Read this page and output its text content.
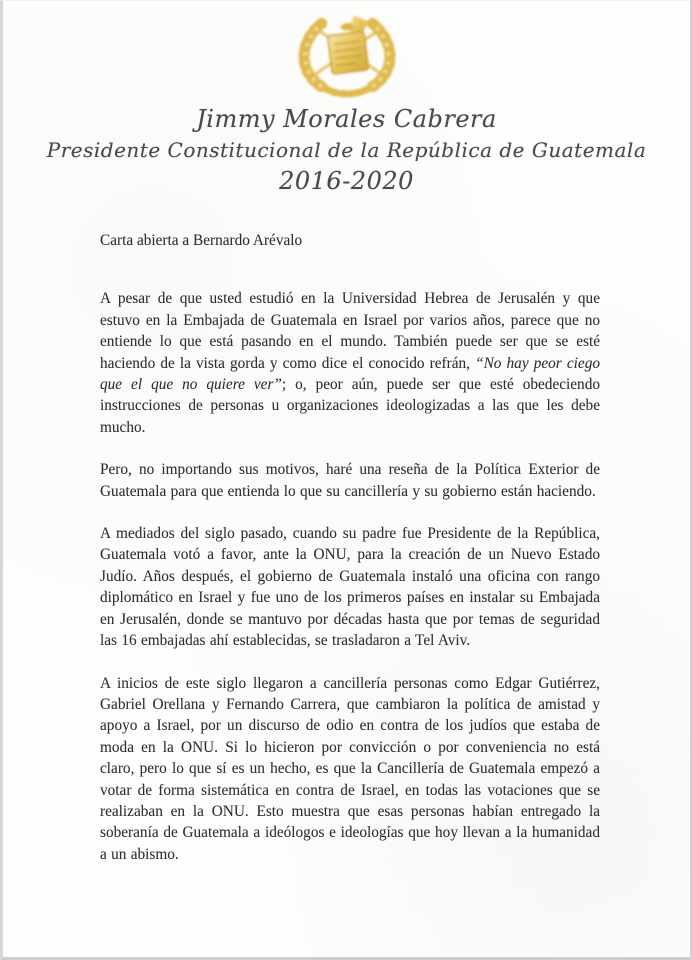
Jimmy Morales Cabrera
Presidente Constitucional de la República de Guatemala
2016-2020

Carta abierta a Bernardo Arévalo

A pesar de que usted estudió en la Universidad Hebrea de Jerusalén y que estuvo en la Embajada de Guatemala en Israel por varios años, parece que no entiende lo que está pasando en el mundo. También puede ser que se esté haciendo de la vista gorda y como dice el conocido refrán, “No hay peor ciego que el que no quiere ver”; o, peor aún, puede ser que esté obedeciendo instrucciones de personas u organizaciones ideologizadas a las que les debe mucho.

Pero, no importando sus motivos, haré una reseña de la Política Exterior de Guatemala para que entienda lo que su cancillería y su gobierno están haciendo.

A mediados del siglo pasado, cuando su padre fue Presidente de la República, Guatemala votó a favor, ante la ONU, para la creación de un Nuevo Estado Judío. Años después, el gobierno de Guatemala instaló una oficina con rango diplomático en Israel y fue uno de los primeros países en instalar su Embajada en Jerusalén, donde se mantuvo por décadas hasta que por temas de seguridad las 16 embajadas ahí establecidas, se trasladaron a Tel Aviv.

A inicios de este siglo llegaron a cancillería personas como Edgar Gutiérrez, Gabriel Orellana y Fernando Carrera, que cambiaron la política de amistad y apoyo a Israel, por un discurso de odio en contra de los judíos que estaba de moda en la ONU. Si lo hicieron por convicción o por conveniencia no está claro, pero lo que sí es un hecho, es que la Cancillería de Guatemala empezó a votar de forma sistemática en contra de Israel, en todas las votaciones que se realizaban en la ONU. Esto muestra que esas personas habían entregado la soberanía de Guatemala a ideólogos e ideologías que hoy llevan a la humanidad a un abismo.
